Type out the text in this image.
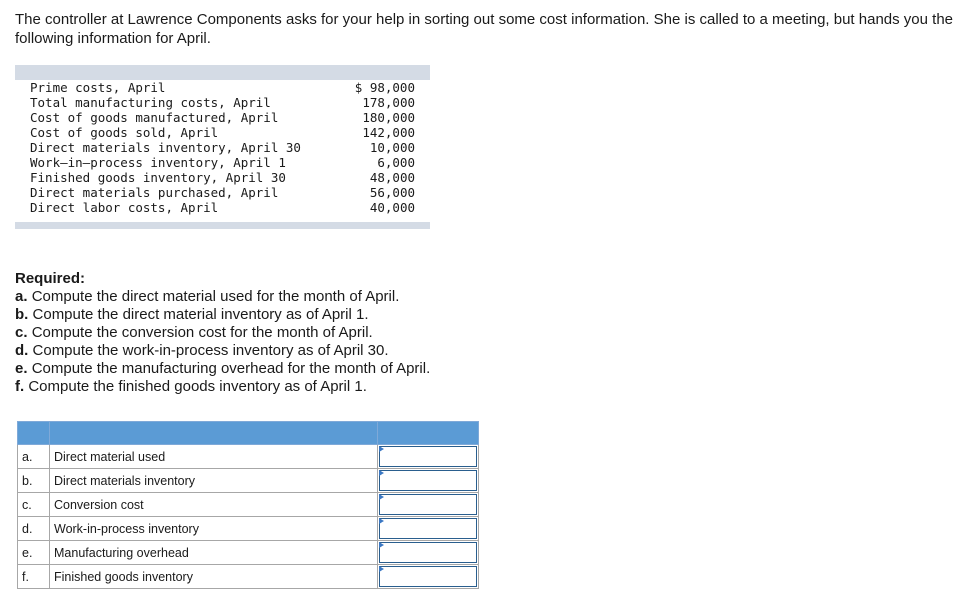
The controller at Lawrence Components asks for your help in sorting out some cost information. She is called to a meeting, but hands you the following information for April.
Prime costs, April	$ 98,000
Total manufacturing costs, April	178,000
Cost of goods manufactured, April	180,000
Cost of goods sold, April	142,000
Direct materials inventory, April 30	10,000
Work–in–process inventory, April 1	6,000
Finished goods inventory, April 30	48,000
Direct materials purchased, April	56,000
Direct labor costs, April	40,000
Required:
a. Compute the direct material used for the month of April.
b. Compute the direct material inventory as of April 1.
c. Compute the conversion cost for the month of April.
d. Compute the work-in-process inventory as of April 30.
e. Compute the manufacturing overhead for the month of April.
f. Compute the finished goods inventory as of April 1.

a.	Direct material used	

b.	Direct materials inventory	

c.	Conversion cost	

d.	Work-in-process inventory	

e.	Manufacturing overhead	

f.	Finished goods inventory	
